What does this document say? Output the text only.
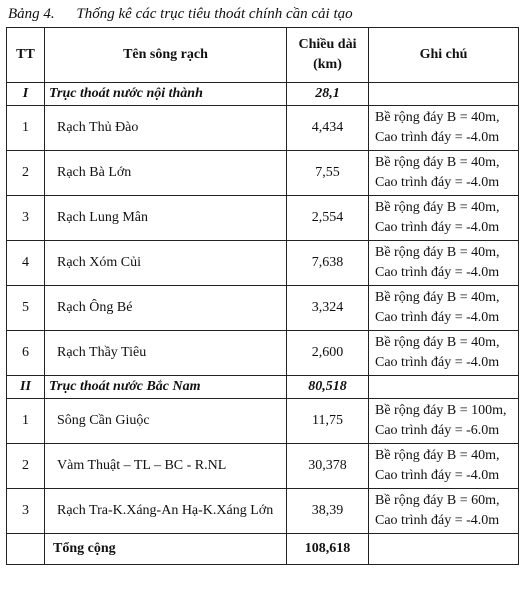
Bảng 4. Thống kê các trục tiêu thoát chính cần cải tạo
TT	Tên sông rạch	Chiều dài
(km)	Ghi chú
I	Trục thoát nước nội thành	28,1	
1	Rạch Thủ Đào	4,434	Bề rộng đáy B = 40m,
Cao trình đáy = -4.0m

2	Rạch Bà Lớn	7,55	Bề rộng đáy B = 40m,
Cao trình đáy = -4.0m

3	Rạch Lung Mân	2,554	Bề rộng đáy B = 40m,
Cao trình đáy = -4.0m

4	Rạch Xóm Củi	7,638	Bề rộng đáy B = 40m,
Cao trình đáy = -4.0m

5	Rạch Ông Bé	3,324	Bề rộng đáy B = 40m,
Cao trình đáy = -4.0m

6	Rạch Thầy Tiêu	2,600	Bề rộng đáy B = 40m,
Cao trình đáy = -4.0m

II	Trục thoát nước Bắc Nam	80,518	
1	Sông Cần Giuộc	11,75	Bề rộng đáy B = 100m,
Cao trình đáy = -6.0m

2	Vàm Thuật – TL – BC - R.NL	30,378	Bề rộng đáy B = 40m,
Cao trình đáy = -4.0m

3	Rạch Tra-K.Xáng-An Hạ-K.Xáng Lớn	38,39	Bề rộng đáy B = 60m,
Cao trình đáy = -4.0m

	Tổng cộng	108,618	
